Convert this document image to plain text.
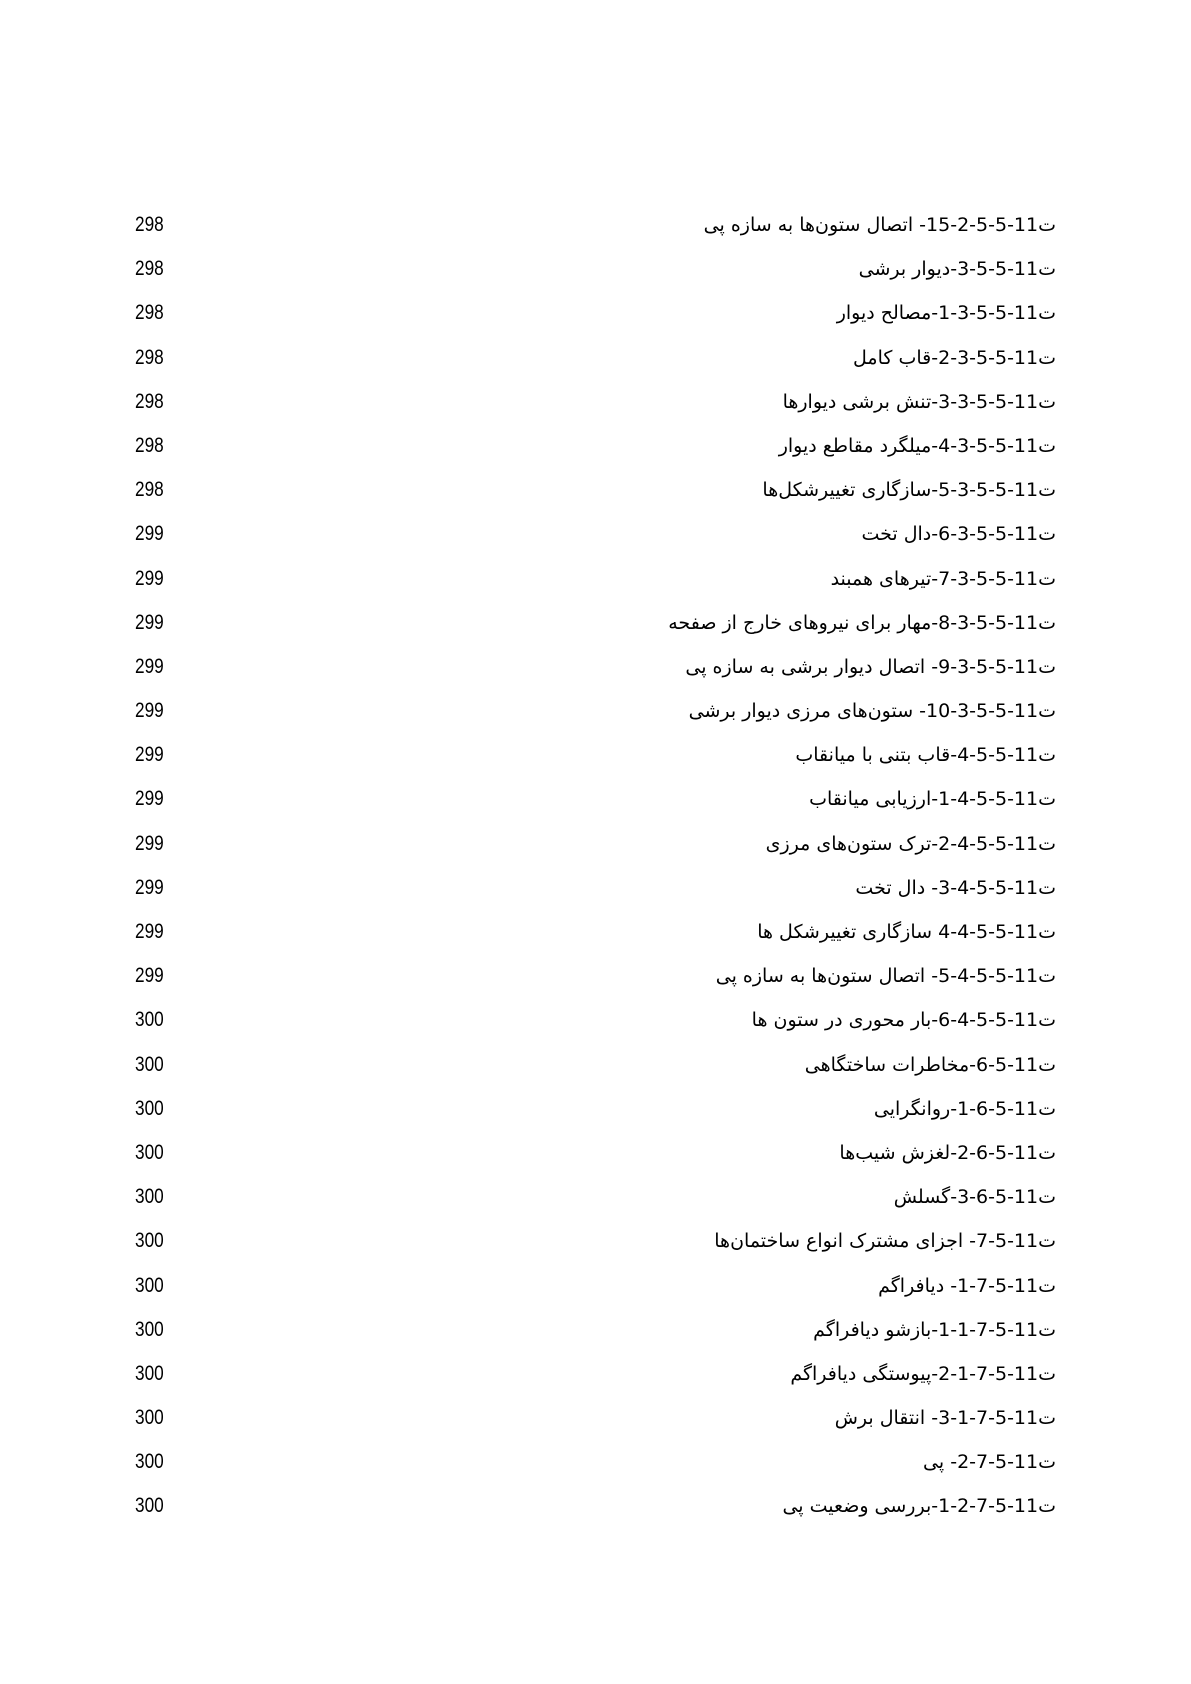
ت11-5-5-2-15- اتصال ستون‌ها به سازه پی
298
ت11-5-5-3-دیوار برشی
298
ت11-5-5-3-1-مصالح دیوار
298
ت11-5-5-3-2-قاب کامل
298
ت11-5-5-3-3-تنش برشی دیوارها
298
ت11-5-5-3-4-میلگرد مقاطع دیوار
298
ت11-5-5-3-5-سازگاری تغییرشکل‌ها
298
ت11-5-5-3-6-دال تخت
299
ت11-5-5-3-7-تیرهای همبند
299
ت11-5-5-3-8-مهار برای نیروهای خارج از صفحه
299
ت11-5-5-3-9- اتصال دیوار برشی به سازه پی
299
ت11-5-5-3-10- ستون‌های مرزی دیوار برشی
299
ت11-5-5-4-قاب بتنی با میانقاب
299
ت11-5-5-4-1-ارزیابی میانقاب
299
ت11-5-5-4-2-ترک ستون‌های مرزی
299
ت11-5-5-4-3- دال تخت
299
ت11-5-5-4-4 سازگاری تغییرشکل ها
299
ت11-5-5-4-5- اتصال ستون‌ها به سازه پی
299
ت11-5-5-4-6-بار محوری در ستون ها
300
ت11-5-6-مخاطرات ساختگاهی
300
ت11-5-6-1-روانگرایی
300
ت11-5-6-2-لغزش شیب‌ها
300
ت11-5-6-3-گسلش
300
ت11-5-7- اجزای مشترک انواع ساختمان‌ها
300
ت11-5-7-1- دیافراگم
300
ت11-5-7-1-1-بازشو دیافراگم
300
ت11-5-7-1-2-پیوستگی دیافراگم
300
ت11-5-7-1-3- انتقال برش
300
ت11-5-7-2- پی
300
ت11-5-7-2-1-بررسی وضعیت پی
300
